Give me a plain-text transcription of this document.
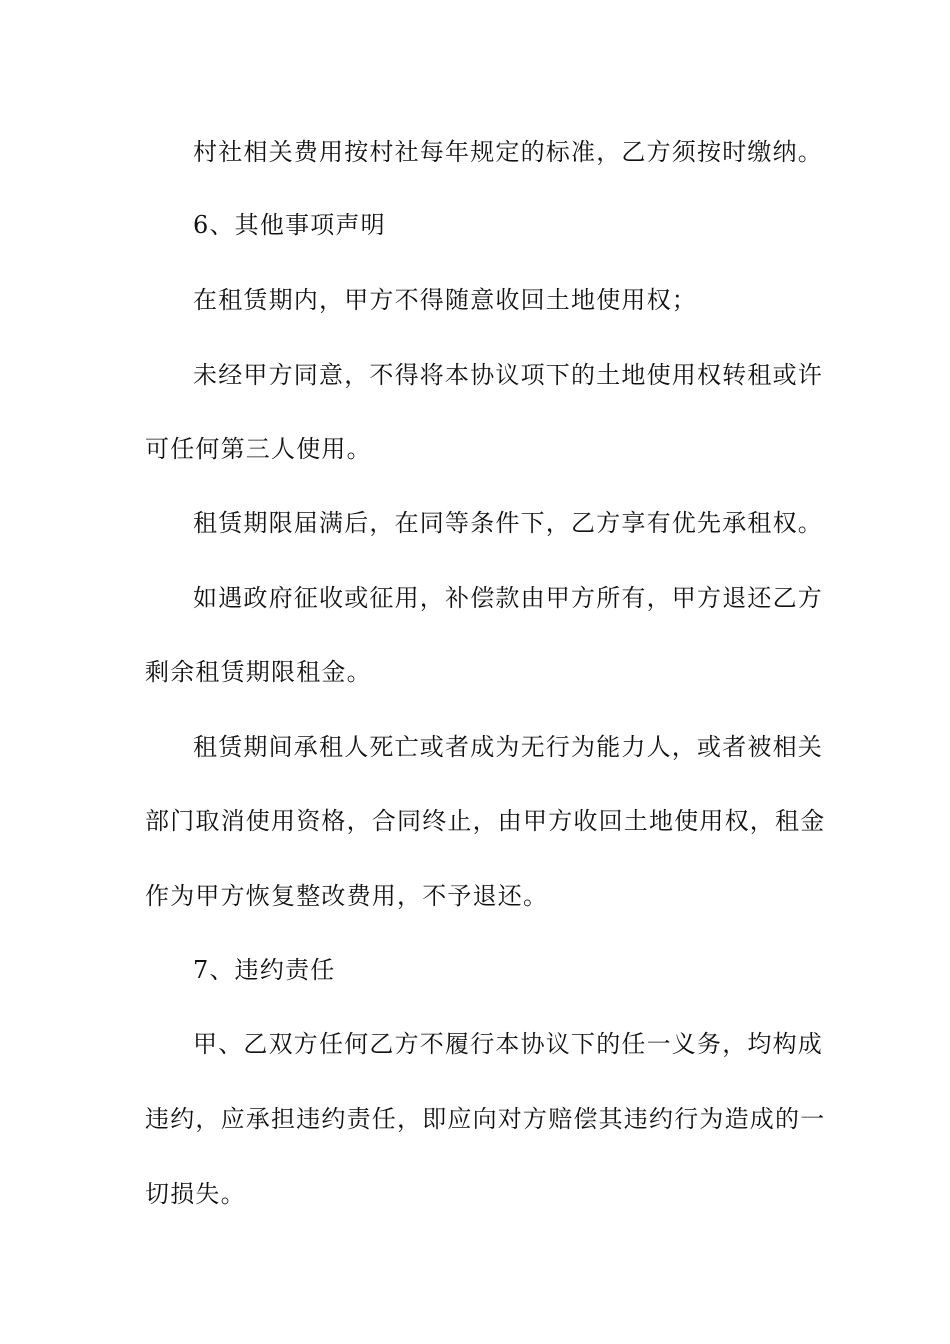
村社相关费用按村社每年规定的标准，乙方须按时缴纳。
6、其他事项声明
在租赁期内，甲方不得随意收回土地使用权；
未经甲方同意，不得将本协议项下的土地使用权转租或许
可任何第三人使用。
租赁期限届满后，在同等条件下，乙方享有优先承租权。
如遇政府征收或征用，补偿款由甲方所有，甲方退还乙方
剩余租赁期限租金。
租赁期间承租人死亡或者成为无行为能力人，或者被相关
部门取消使用资格，合同终止，由甲方收回土地使用权，租金
作为甲方恢复整改费用，不予退还。
7、违约责任
甲、乙双方任何乙方不履行本协议下的任一义务，均构成
违约，应承担违约责任，即应向对方赔偿其违约行为造成的一
切损失。
